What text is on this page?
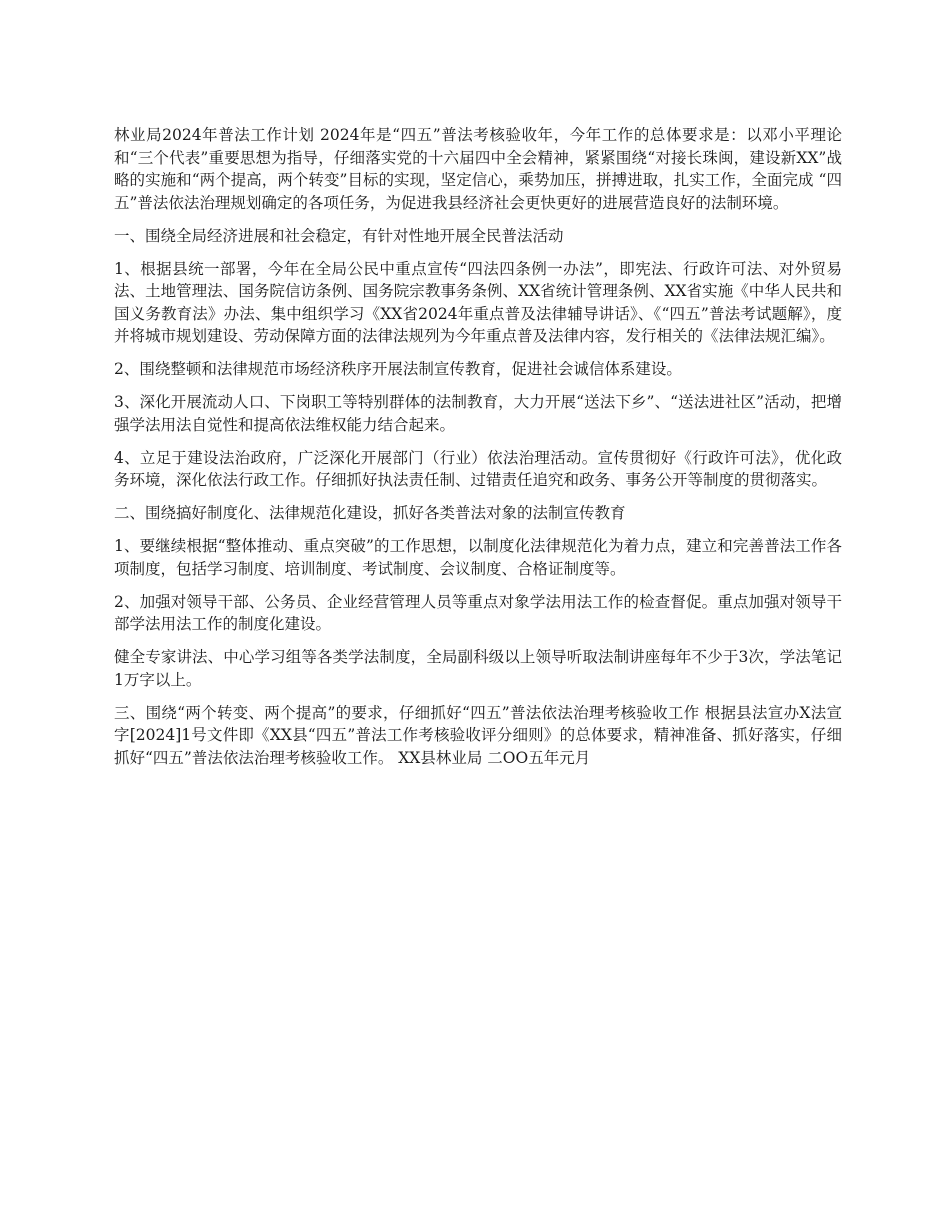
林业局2024年普法工作计划 2024年是“四五”普法考核验收年，今年工作的总体要求是：以邓小平理论和“三个代表”重要思想为指导，仔细落实党的十六届四中全会精神，紧紧围绕“对接长珠闽，建设新XX”战略的实施和“两个提高，两个转变”目标的实现，坚定信心，乘势加压，拼搏进取，扎实工作，全面完成 “四五”普法依法治理规划确定的各项任务，为促进我县经济社会更快更好的进展营造良好的法制环境。

一、围绕全局经济进展和社会稳定，有针对性地开展全民普法活动

1、根据县统一部署，今年在全局公民中重点宣传“四法四条例一办法”，即宪法、行政许可法、对外贸易法、土地管理法、国务院信访条例、国务院宗教事务条例、XX省统计管理条例、XX省实施《中华人民共和国义务教育法》办法、集中组织学习《XX省2024年重点普及法律辅导讲话》、《“四五”普法考试题解》，度并将城市规划建设、劳动保障方面的法律法规列为今年重点普及法律内容，发行相关的《法律法规汇编》。

2、围绕整顿和法律规范市场经济秩序开展法制宣传教育，促进社会诚信体系建设。

3、深化开展流动人口、下岗职工等特别群体的法制教育，大力开展“送法下乡”、“送法进社区”活动，把增强学法用法自觉性和提高依法维权能力结合起来。

4、立足于建设法治政府，广泛深化开展部门（行业）依法治理活动。宣传贯彻好《行政许可法》，优化政务环境，深化依法行政工作。仔细抓好执法责任制、过错责任追究和政务、事务公开等制度的贯彻落实。

二、围绕搞好制度化、法律规范化建设，抓好各类普法对象的法制宣传教育

1、要继续根据“整体推动、重点突破”的工作思想，以制度化法律规范化为着力点，建立和完善普法工作各项制度，包括学习制度、培训制度、考试制度、会议制度、合格证制度等。

2、加强对领导干部、公务员、企业经营管理人员等重点对象学法用法工作的检查督促。重点加强对领导干部学法用法工作的制度化建设。

健全专家讲法、中心学习组等各类学法制度，全局副科级以上领导听取法制讲座每年不少于3次，学法笔记1万字以上。

三、围绕“两个转变、两个提高”的要求，仔细抓好“四五”普法依法治理考核验收工作 根据县法宣办X法宣字[2024]1号文件即《XX县“四五”普法工作考核验收评分细则》的总体要求，精神准备、抓好落实，仔细抓好“四五”普法依法治理考核验收工作。 XX县林业局 二OO五年元月
